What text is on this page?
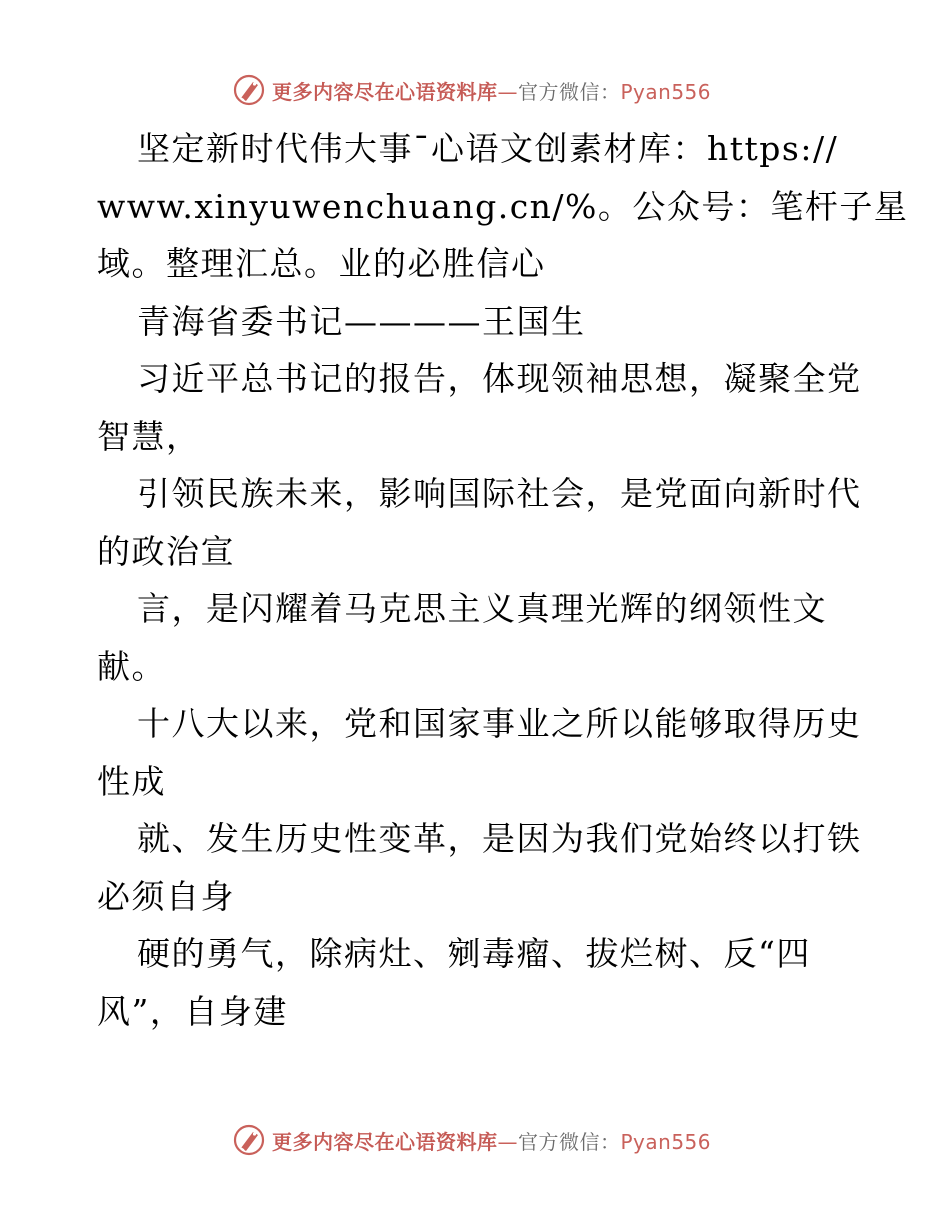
更多内容尽在心语资料库—官方微信：Pyan556
坚定新时代伟大事¯心语文创素材库：https://
www.xinyuwenchuang.cn/%。公众号：笔杆子星
域。整理汇总。业的必胜信心
青海省委书记————王国生
习近平总书记的报告，体现领袖思想，凝聚全党
智慧，
引领民族未来，影响国际社会，是党面向新时代
的政治宣
言，是闪耀着马克思主义真理光辉的纲领性文
献。
十八大以来，党和国家事业之所以能够取得历史
性成
就、发生历史性变革，是因为我们党始终以打铁
必须自身
硬的勇气，除病灶、剜毒瘤、拔烂树、反“四
风”，自身建
更多内容尽在心语资料库—官方微信：Pyan556
